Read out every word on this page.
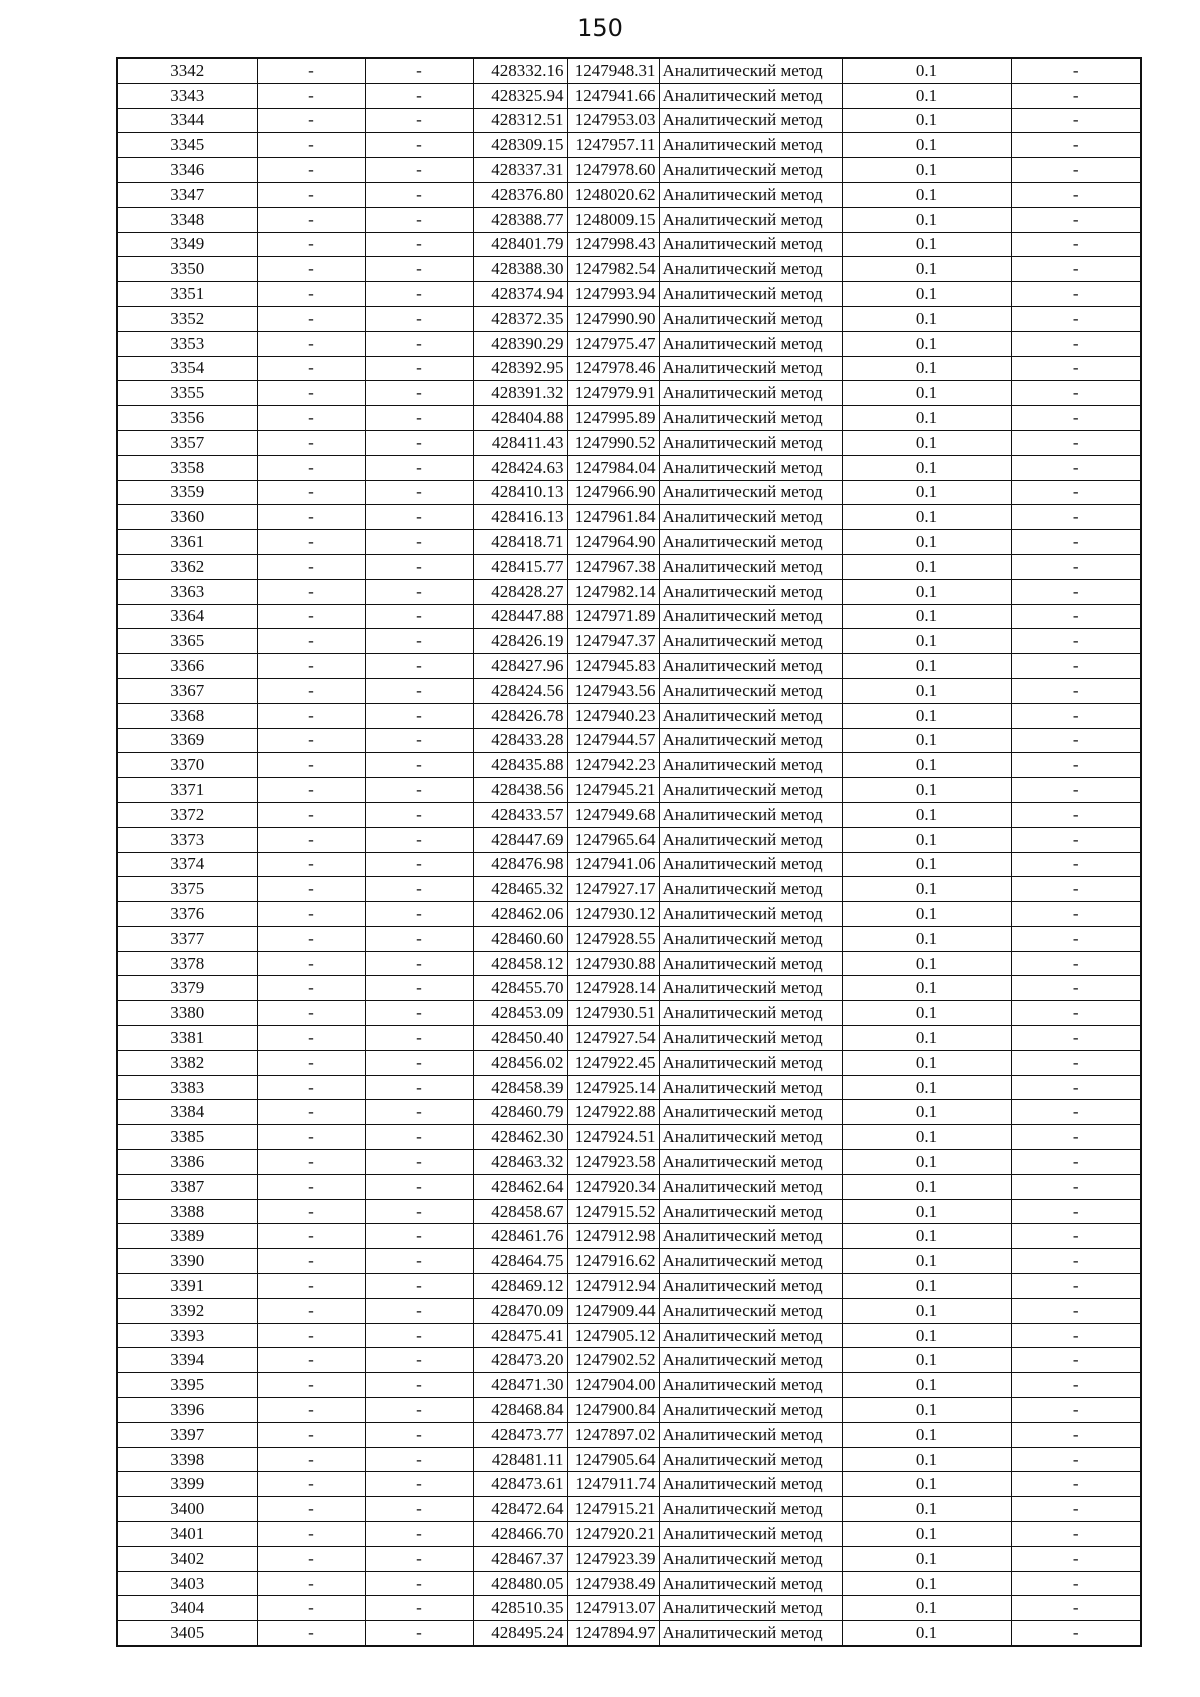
150
3342	-	-	428332.16	1247948.31	Аналитический метод	0.1	-
3343	-	-	428325.94	1247941.66	Аналитический метод	0.1	-
3344	-	-	428312.51	1247953.03	Аналитический метод	0.1	-
3345	-	-	428309.15	1247957.11	Аналитический метод	0.1	-
3346	-	-	428337.31	1247978.60	Аналитический метод	0.1	-
3347	-	-	428376.80	1248020.62	Аналитический метод	0.1	-
3348	-	-	428388.77	1248009.15	Аналитический метод	0.1	-
3349	-	-	428401.79	1247998.43	Аналитический метод	0.1	-
3350	-	-	428388.30	1247982.54	Аналитический метод	0.1	-
3351	-	-	428374.94	1247993.94	Аналитический метод	0.1	-
3352	-	-	428372.35	1247990.90	Аналитический метод	0.1	-
3353	-	-	428390.29	1247975.47	Аналитический метод	0.1	-
3354	-	-	428392.95	1247978.46	Аналитический метод	0.1	-
3355	-	-	428391.32	1247979.91	Аналитический метод	0.1	-
3356	-	-	428404.88	1247995.89	Аналитический метод	0.1	-
3357	-	-	428411.43	1247990.52	Аналитический метод	0.1	-
3358	-	-	428424.63	1247984.04	Аналитический метод	0.1	-
3359	-	-	428410.13	1247966.90	Аналитический метод	0.1	-
3360	-	-	428416.13	1247961.84	Аналитический метод	0.1	-
3361	-	-	428418.71	1247964.90	Аналитический метод	0.1	-
3362	-	-	428415.77	1247967.38	Аналитический метод	0.1	-
3363	-	-	428428.27	1247982.14	Аналитический метод	0.1	-
3364	-	-	428447.88	1247971.89	Аналитический метод	0.1	-
3365	-	-	428426.19	1247947.37	Аналитический метод	0.1	-
3366	-	-	428427.96	1247945.83	Аналитический метод	0.1	-
3367	-	-	428424.56	1247943.56	Аналитический метод	0.1	-
3368	-	-	428426.78	1247940.23	Аналитический метод	0.1	-
3369	-	-	428433.28	1247944.57	Аналитический метод	0.1	-
3370	-	-	428435.88	1247942.23	Аналитический метод	0.1	-
3371	-	-	428438.56	1247945.21	Аналитический метод	0.1	-
3372	-	-	428433.57	1247949.68	Аналитический метод	0.1	-
3373	-	-	428447.69	1247965.64	Аналитический метод	0.1	-
3374	-	-	428476.98	1247941.06	Аналитический метод	0.1	-
3375	-	-	428465.32	1247927.17	Аналитический метод	0.1	-
3376	-	-	428462.06	1247930.12	Аналитический метод	0.1	-
3377	-	-	428460.60	1247928.55	Аналитический метод	0.1	-
3378	-	-	428458.12	1247930.88	Аналитический метод	0.1	-
3379	-	-	428455.70	1247928.14	Аналитический метод	0.1	-
3380	-	-	428453.09	1247930.51	Аналитический метод	0.1	-
3381	-	-	428450.40	1247927.54	Аналитический метод	0.1	-
3382	-	-	428456.02	1247922.45	Аналитический метод	0.1	-
3383	-	-	428458.39	1247925.14	Аналитический метод	0.1	-
3384	-	-	428460.79	1247922.88	Аналитический метод	0.1	-
3385	-	-	428462.30	1247924.51	Аналитический метод	0.1	-
3386	-	-	428463.32	1247923.58	Аналитический метод	0.1	-
3387	-	-	428462.64	1247920.34	Аналитический метод	0.1	-
3388	-	-	428458.67	1247915.52	Аналитический метод	0.1	-
3389	-	-	428461.76	1247912.98	Аналитический метод	0.1	-
3390	-	-	428464.75	1247916.62	Аналитический метод	0.1	-
3391	-	-	428469.12	1247912.94	Аналитический метод	0.1	-
3392	-	-	428470.09	1247909.44	Аналитический метод	0.1	-
3393	-	-	428475.41	1247905.12	Аналитический метод	0.1	-
3394	-	-	428473.20	1247902.52	Аналитический метод	0.1	-
3395	-	-	428471.30	1247904.00	Аналитический метод	0.1	-
3396	-	-	428468.84	1247900.84	Аналитический метод	0.1	-
3397	-	-	428473.77	1247897.02	Аналитический метод	0.1	-
3398	-	-	428481.11	1247905.64	Аналитический метод	0.1	-
3399	-	-	428473.61	1247911.74	Аналитический метод	0.1	-
3400	-	-	428472.64	1247915.21	Аналитический метод	0.1	-
3401	-	-	428466.70	1247920.21	Аналитический метод	0.1	-
3402	-	-	428467.37	1247923.39	Аналитический метод	0.1	-
3403	-	-	428480.05	1247938.49	Аналитический метод	0.1	-
3404	-	-	428510.35	1247913.07	Аналитический метод	0.1	-
3405	-	-	428495.24	1247894.97	Аналитический метод	0.1	-
